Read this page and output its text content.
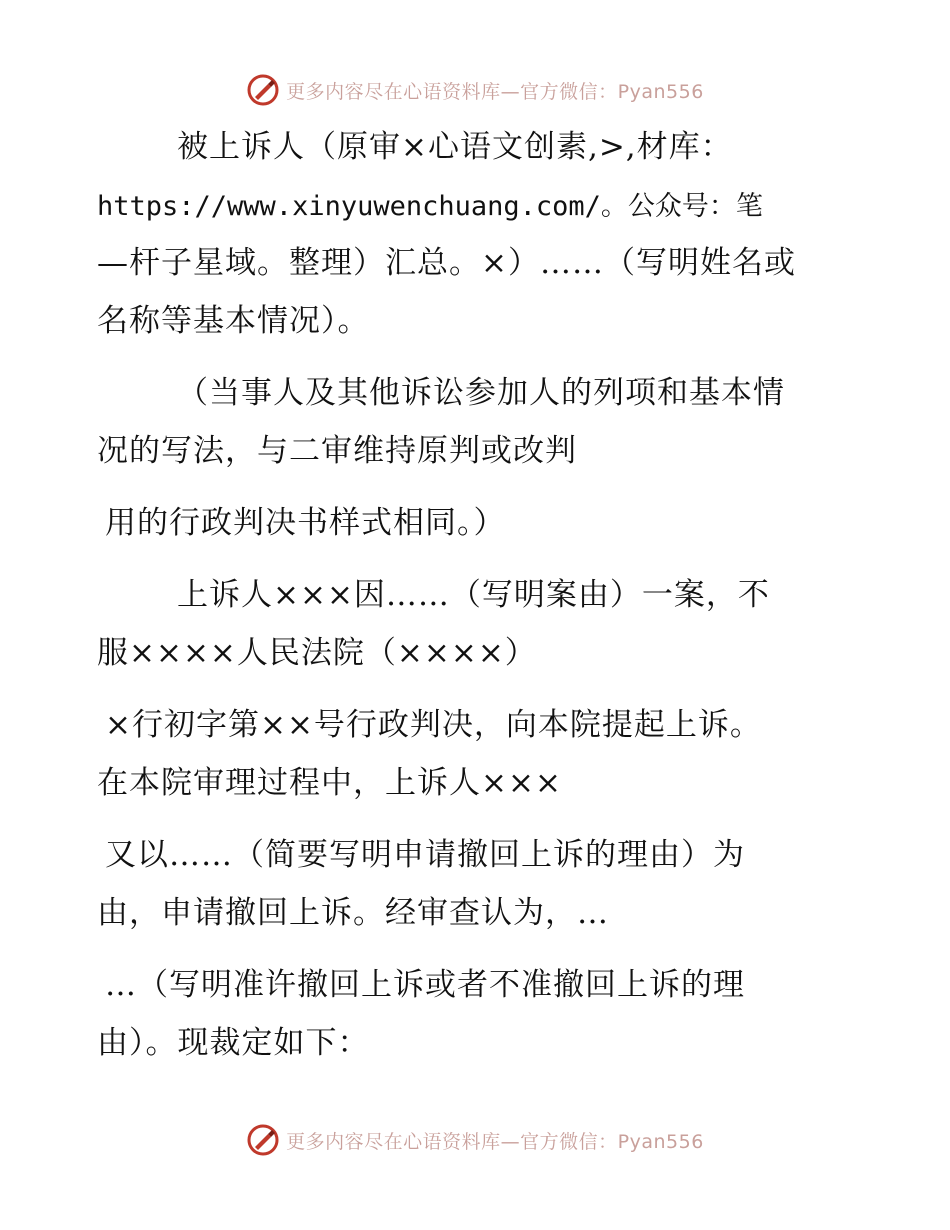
更多内容尽在心语资料库—官方微信：Pyan556
被上诉人（原审×心语文创素,>,材库：
https://www.xinyuwenchuang.com/。公众号：笔
—杆子星域。整理）汇总。×）……（写明姓名或
名称等基本情况）。
（当事人及其他诉讼参加人的列项和基本情
况的写法，与二审维持原判或改判
用的行政判决书样式相同。）
上诉人×××因……（写明案由）一案，不
服××××人民法院（××××）
×行初字第××号行政判决，向本院提起上诉。
在本院审理过程中，上诉人×××
又以……（简要写明申请撤回上诉的理由）为
由，申请撤回上诉。经审查认为，…
…（写明准许撤回上诉或者不准撤回上诉的理
由）。现裁定如下：
更多内容尽在心语资料库—官方微信：Pyan556
